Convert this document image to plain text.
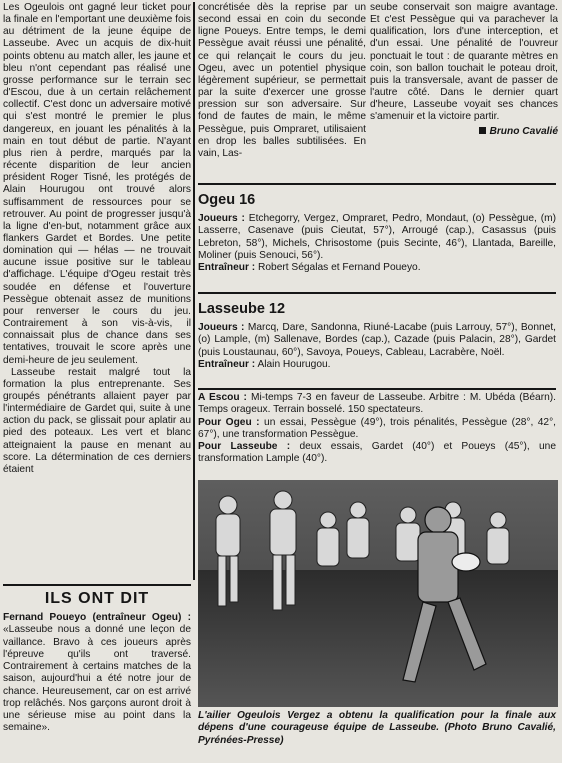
Les Ogeulois ont gagné leur ticket pour la finale en l'emportant une deuxième fois au détriment de la jeune équipe de Lasseube. Avec un acquis de dix-huit points obtenu au match aller, les jaune et bleu n'ont cependant pas réalisé une grosse performance sur le terrain sec d'Escou, due à un certain relâchement collectif. C'est donc un adversaire motivé qui s'est montré le premier le plus dangereux, en jouant les pénalités à la main en tout début de partie. N'ayant plus rien à perdre, marqués par la récente disparition de leur ancien président Roger Tisné, les protégés de Alain Hourugou ont trouvé alors suffisamment de ressources pour se retrouver. Au point de progresser jusqu'à la ligne d'en-but, notamment grâce aux flankers Gardet et Bordes. Une petite domination qui — hélas — ne trouvait aucune issue positive sur le tableau d'affichage. L'équipe d'Ogeu restait très soudée en défense et l'ouverture Pessègue obtenait assez de munitions pour renverser le cours du jeu. Contrairement à son vis-à-vis, il connaissait plus de chance dans ses tentatives, trouvait le score après une demi-heure de jeu seulement.

Lasseube restait malgré tout la formation la plus entreprenante. Ses groupés pénétrants allaient payer par l'intermédiaire de Gardet qui, suite à une action du pack, se glissait pour aplatir au pied des poteaux. Les vert et blanc atteignaient la pause en menant au score. La détermination de ces derniers étaient

concrétisée dès la reprise par un second essai en coin du seconde ligne Poueys. Entre temps, le demi Pessègue avait réussi une pénalité, ce qui relançait le cours du jeu. Ogeu, avec un potentiel physique légèrement supérieur, se permettait par la suite d'exercer une grosse pression sur son adversaire. Sur fond de fautes de main, le même Pessègue, puis Ompraret, utilisaient en drop les balles subtilisées. En vain, Las-

seube conservait son maigre avantage. Et c'est Pessègue qui va parachever la qualification, lors d'une interception, et d'un essai. Une pénalité de l'ouvreur ponctuait le tout : de quarante mètres en coin, son ballon touchait le poteau droit, puis la transversale, avant de passer de l'autre côté. Dans le dernier quart d'heure, Lasseube voyait ses chances s'amenuir et la victoire partir.

Bruno Cavalié
Ogeu 16

Joueurs : Etchegorry, Vergez, Ompraret, Pedro, Mondaut, (o) Pessègue, (m) Lasserre, Casenave (puis Cieutat, 57°), Arrougé (cap.), Casassus (puis Lebreton, 58°), Michels, Chrisostome (puis Secinte, 46°), Llantada, Bareille, Moliner (puis Senouci, 56°).

Entraîneur : Robert Ségalas et Fernand Poueyo.

Lasseube 12

Joueurs : Marcq, Dare, Sandonna, Riuné-Lacabe (puis Larrouy, 57°), Bonnet, (o) Lample, (m) Sallenave, Bordes (cap.), Cazade (puis Palacin, 28°), Gardet (puis Loustaunau, 60°), Savoya, Poueys, Cableau, Lacrabère, Noël.

Entraîneur : Alain Hourugou.

A Escou : Mi-temps 7-3 en faveur de Lasseube. Arbitre : M. Ubéda (Béarn). Temps orageux. Terrain bosselé. 150 spectateurs.

Pour Ogeu : un essai, Pessègue (49°), trois pénalités, Pessègue (28°, 42°, 67°), une transformation Pessègue.

Pour Lasseube : deux essais, Gardet (40°) et Poueys (45°), une transformation Lample (40°).

ILS ONT DIT
Fernand Poueyo (entraîneur Ogeu) : «Lasseube nous a donné une leçon de vaillance. Bravo à ces joueurs après l'épreuve qu'ils ont traversé. Contrairement à certains matches de la saison, aujourd'hui a été notre jour de chance. Heureusement, car on est arrivé trop relâchés. Nos garçons auront droit à une sérieuse mise au point dans la semaine».
L'ailier Ogeulois Vergez a obtenu la qualification pour la finale aux dépens d'une courageuse équipe de Lasseube. (Photo Bruno Cavalié, Pyrénées-Presse)
